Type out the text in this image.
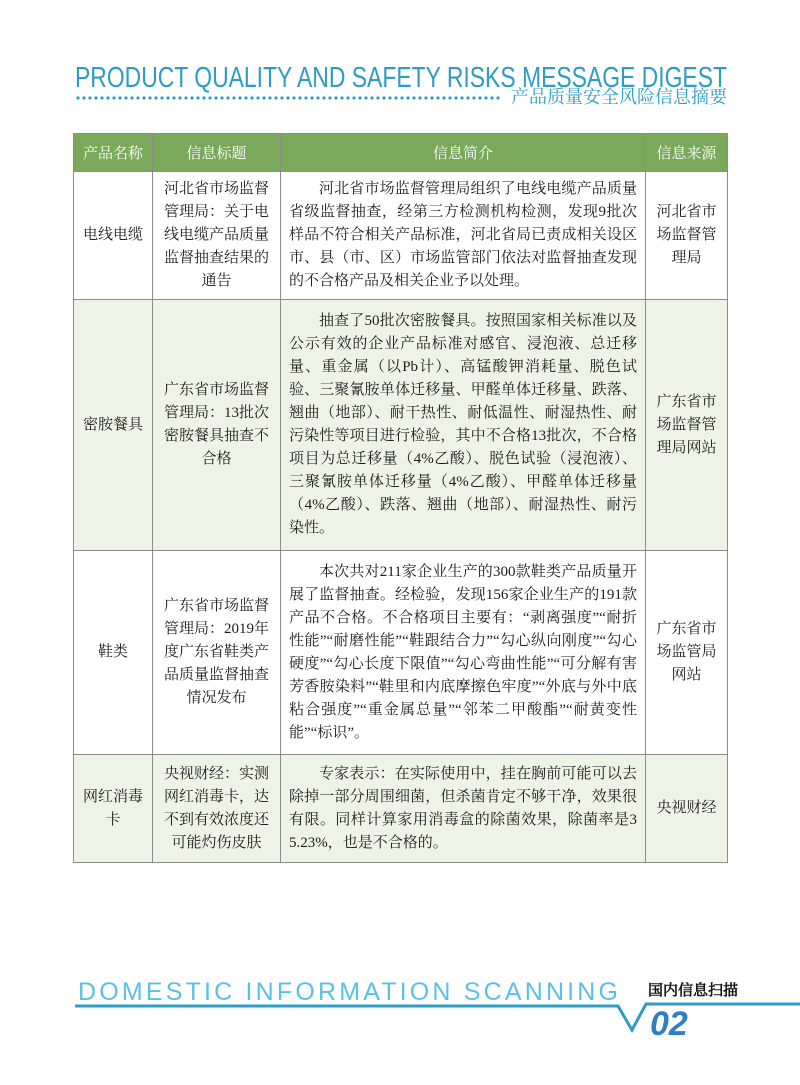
PRODUCT QUALITY AND SAFETY RISKS MESSAGE DIGEST
DOMESTIC INFORMATION SCANNING
产品质量安全风险信息摘要
产品名称	信息标题	信息简介	信息来源
电线电缆	河北省市场监督管理局：关于电线电缆产品质量监督抽查结果的通告	河北省市场监督管理局组织了电线电缆产品质量省级监督抽查，经第三方检测机构检测，发现9批次样品不符合相关产品标准，河北省局已责成相关设区市、县（市、区）市场监管部门依法对监督抽查发现的不合格产品及相关企业予以处理。	河北省市场监督管理局
密胺餐具	广东省市场监督管理局：13批次密胺餐具抽查不合格	抽查了50批次密胺餐具。按照国家相关标准以及公示有效的企业产品标准对感官、浸泡液、总迁移量、重金属（以Pb计）、高锰酸钾消耗量、脱色试验、三聚氰胺单体迁移量、甲醛单体迁移量、跌落、翘曲（地部）、耐干热性、耐低温性、耐湿热性、耐污染性等项目进行检验，其中不合格13批次，不合格项目为总迁移量（4%乙酸）、脱色试验（浸泡液）、三聚氰胺单体迁移量（4%乙酸）、甲醛单体迁移量（4%乙酸）、跌落、翘曲（地部）、耐湿热性、耐污染性。	广东省市场监督管理局网站
鞋类	广东省市场监督管理局：2019年度广东省鞋类产品质量监督抽查情况发布	本次共对211家企业生产的300款鞋类产品质量开展了监督抽查。经检验，发现156家企业生产的191款产品不合格。不合格项目主要有：“剥离强度”“耐折性能”“耐磨性能”“鞋跟结合力”“勾心纵向刚度”“勾心硬度”“勾心长度下限值”“勾心弯曲性能”“可分解有害芳香胺染料”“鞋里和内底摩擦色牢度”“外底与外中底粘合强度”“重金属总量”“邻苯二甲酸酯”“耐黄变性能”“标识”。	广东省市场监管局网站
网红消毒卡	央视财经：实测网红消毒卡，达不到有效浓度还可能灼伤皮肤	专家表示：在实际使用中，挂在胸前可能可以去除掉一部分周围细菌，但杀菌肯定不够干净，效果很有限。同样计算家用消毒盒的除菌效果，除菌率是35.23%，也是不合格的。	央视财经
国内信息扫描
02
